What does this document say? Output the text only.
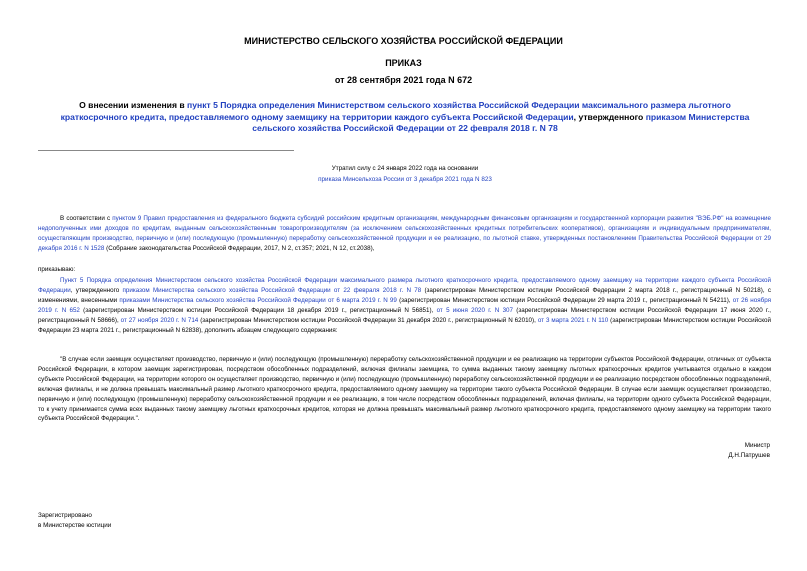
МИНИСТЕРСТВО СЕЛЬСКОГО ХОЗЯЙСТВА РОССИЙСКОЙ ФЕДЕРАЦИИ
ПРИКАЗ
от 28 сентября 2021 года N 672
О внесении изменения в пункт 5 Порядка определения Министерством сельского хозяйства Российской Федерации максимального размера льготного краткосрочного кредита, предоставляемого одному заемщику на территории каждого субъекта Российской Федерации, утвержденного приказом Министерства сельского хозяйства Российской Федерации от 22 февраля 2018 г. N 78
Утратил силу с 24 января 2022 года на основании
приказа Минсельхоза России от 3 декабря 2021 года N 823
В соответствии с пунктом 9 Правил предоставления из федерального бюджета субсидий российским кредитным организациям, международным финансовым организациям и государственной корпорации развития "ВЭБ.РФ" на возмещение недополученных ими доходов по кредитам, выданным сельскохозяйственным товаропроизводителям (за исключением сельскохозяйственных кредитных потребительских кооперативов), организациям и индивидуальным предпринимателям, осуществляющим производство, первичную и (или) последующую (промышленную) переработку сельскохозяйственной продукции и ее реализацию, по льготной ставке, утвержденных постановлением Правительства Российской Федерации от 29 декабря 2016 г. N 1528 (Собрание законодательства Российской Федерации, 2017, N 2, ст.357; 2021, N 12, ст.2038),
приказываю:
Пункт 5 Порядка определения Министерством сельского хозяйства Российской Федерации максимального размера льготного краткосрочного кредита, предоставляемого одному заемщику на территории каждого субъекта Российской Федерации, утвержденного приказом Министерства сельского хозяйства Российской Федерации от 22 февраля 2018 г. N 78 (зарегистрирован Министерством юстиции Российской Федерации 2 марта 2018 г., регистрационный N 50218), с изменениями, внесенными приказами Министерства сельского хозяйства Российской Федерации от 6 марта 2019 г. N 99 (зарегистрирован Министерством юстиции Российской Федерации 29 марта 2019 г., регистрационный N 54211), от 26 ноября 2019 г. N 652 (зарегистрирован Министерством юстиции Российской Федерации 18 декабря 2019 г., регистрационный N 56851), от 5 июня 2020 г. N 307 (зарегистрирован Министерством юстиции Российской Федерации 17 июня 2020 г., регистрационный N 58666), от 27 ноября 2020 г. N 714 (зарегистрирован Министерством юстиции Российской Федерации 31 декабря 2020 г., регистрационный N 62010), от 3 марта 2021 г. N 110 (зарегистрирован Министерством юстиции Российской Федерации 23 марта 2021 г., регистрационный N 62838), дополнить абзацем следующего содержания:
"В случае если заемщик осуществляет производство, первичную и (или) последующую (промышленную) переработку сельскохозяйственной продукции и ее реализацию на территории субъектов Российской Федерации, отличных от субъекта Российской Федерации, в котором заемщик зарегистрирован, посредством обособленных подразделений, включая филиалы заемщика, то сумма выданных такому заемщику льготных краткосрочных кредитов учитывается отдельно в каждом субъекте Российской Федерации, на территории которого он осуществляет производство, первичную и (или) последующую (промышленную) переработку сельскохозяйственной продукции и ее реализацию посредством обособленных подразделений, включая филиалы, и не должна превышать максимальный размер льготного краткосрочного кредита, предоставляемого одному заемщику на территории такого субъекта Российской Федерации. В случае если заемщик осуществляет производство, первичную и (или) последующую (промышленную) переработку сельскохозяйственной продукции и ее реализацию, в том числе посредством обособленных подразделений, включая филиалы, на территории одного субъекта Российской Федерации, то к учету принимается сумма всех выданных такому заемщику льготных краткосрочных кредитов, которая не должна превышать максимальный размер льготного краткосрочного кредита, предоставляемого одному заемщику на территории такого субъекта Российской Федерации.".
Министр
Д.Н.Патрушев
Зарегистрировано
в Министерстве юстиции
